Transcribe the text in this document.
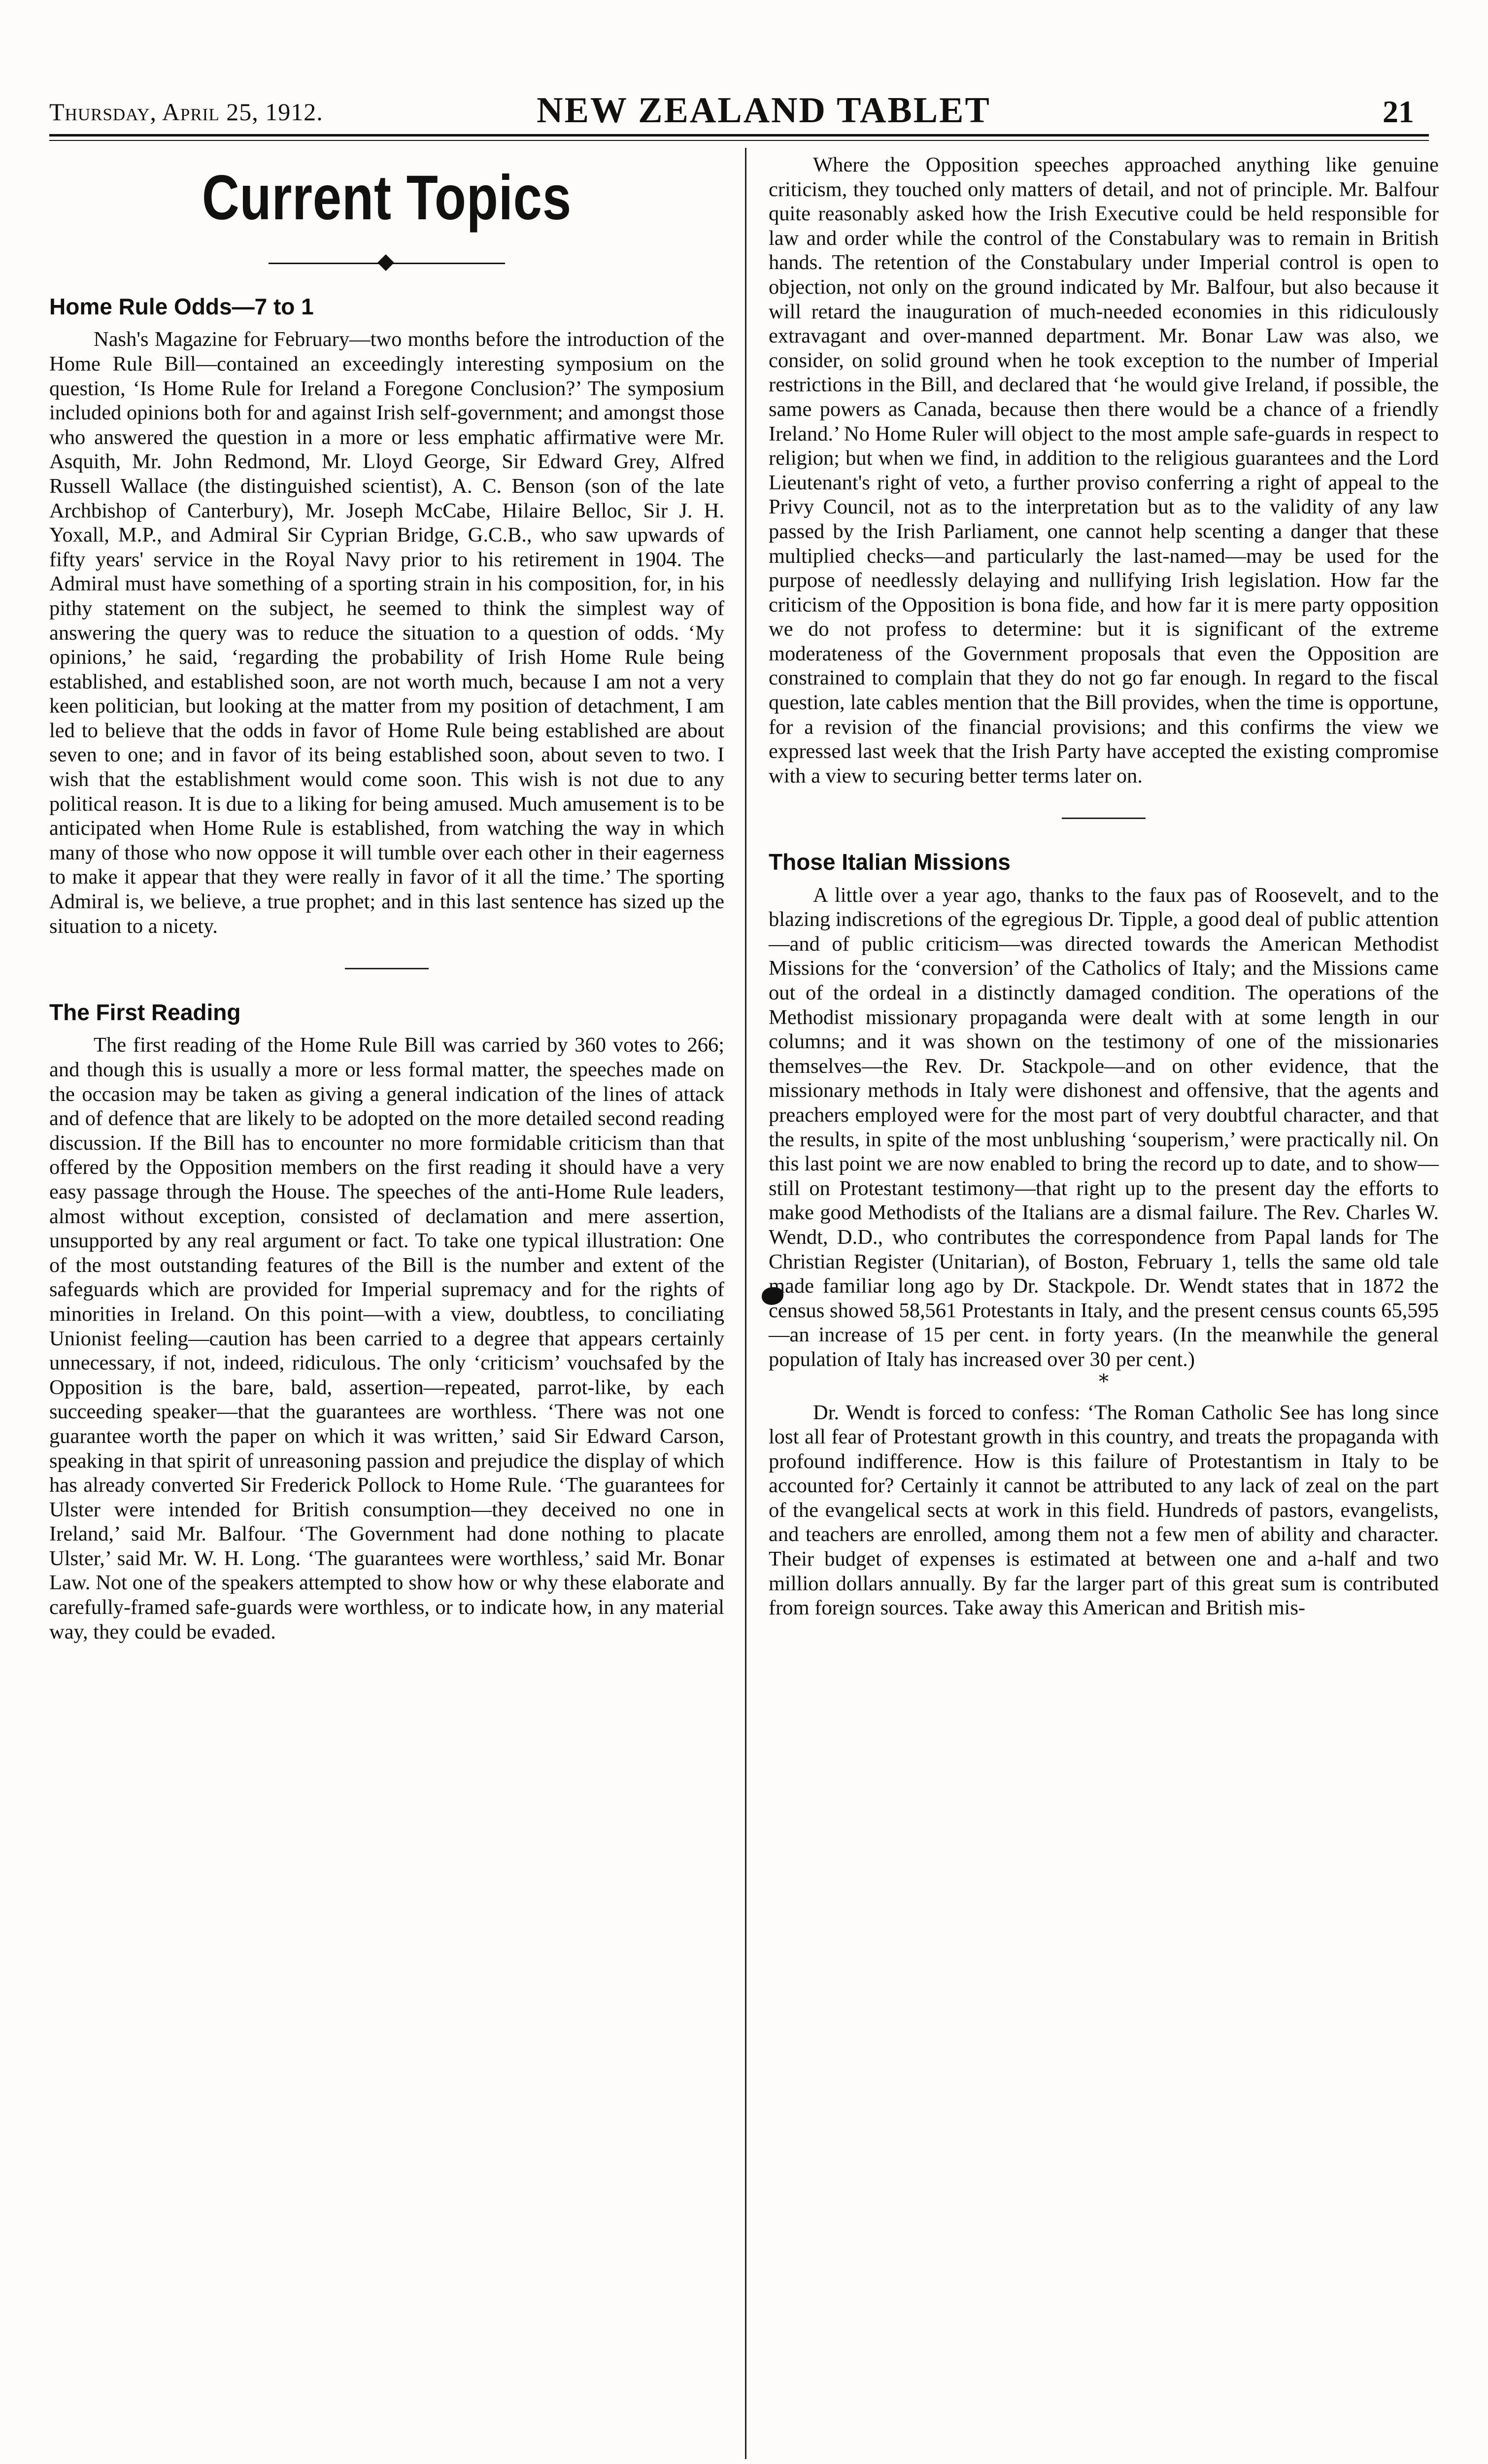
Thursday, April 25, 1912.	NEW ZEALAND TABLET	21
Current Topics
Home Rule Odds—7 to 1

Nash's Magazine for February—two months before the introduction of the Home Rule Bill—contained an exceedingly interesting symposium on the question, ‘Is Home Rule for Ireland a Foregone Conclusion?’ The symposium included opinions both for and against Irish self-government; and amongst those who answered the question in a more or less emphatic affirmative were Mr. Asquith, Mr. John Redmond, Mr. Lloyd George, Sir Edward Grey, Alfred Russell Wallace (the distinguished scientist), A. C. Benson (son of the late Archbishop of Canterbury), Mr. Joseph McCabe, Hilaire Belloc, Sir J. H. Yoxall, M.P., and Admiral Sir Cyprian Bridge, G.C.B., who saw upwards of fifty years' service in the Royal Navy prior to his retirement in 1904. The Admiral must have something of a sporting strain in his composition, for, in his pithy statement on the subject, he seemed to think the simplest way of answering the query was to reduce the situation to a question of odds. ‘My opinions,’ he said, ‘regarding the probability of Irish Home Rule being established, and established soon, are not worth much, because I am not a very keen politician, but looking at the matter from my position of detachment, I am led to believe that the odds in favor of Home Rule being established are about seven to one; and in favor of its being established soon, about seven to two. I wish that the establishment would come soon. This wish is not due to any political reason. It is due to a liking for being amused. Much amusement is to be anticipated when Home Rule is established, from watching the way in which many of those who now oppose it will tumble over each other in their eagerness to make it appear that they were really in favor of it all the time.’ The sporting Admiral is, we believe, a true prophet; and in this last sentence has sized up the situation to a nicety.

The First Reading

The first reading of the Home Rule Bill was carried by 360 votes to 266; and though this is usually a more or less formal matter, the speeches made on the occasion may be taken as giving a general indication of the lines of attack and of defence that are likely to be adopted on the more detailed second reading discussion. If the Bill has to encounter no more formidable criticism than that offered by the Opposition members on the first reading it should have a very easy passage through the House. The speeches of the anti-Home Rule leaders, almost without exception, consisted of declamation and mere assertion, unsupported by any real argument or fact. To take one typical illustration: One of the most outstanding features of the Bill is the number and extent of the safeguards which are provided for Imperial supremacy and for the rights of minorities in Ireland. On this point—with a view, doubtless, to conciliating Unionist feeling—caution has been carried to a degree that appears certainly unnecessary, if not, indeed, ridiculous. The only ‘criticism’ vouchsafed by the Opposition is the bare, bald, assertion—repeated, parrot-like, by each succeeding speaker—that the guarantees are worthless. ‘There was not one guarantee worth the paper on which it was written,’ said Sir Edward Carson, speaking in that spirit of unreasoning passion and prejudice the display of which has already converted Sir Frederick Pollock to Home Rule. ‘The guarantees for Ulster were intended for British consumption—they deceived no one in Ireland,’ said Mr. Balfour. ‘The Government had done nothing to placate Ulster,’ said Mr. W. H. Long. ‘The guarantees were worthless,’ said Mr. Bonar Law. Not one of the speakers attempted to show how or why these elaborate and carefully-framed safe-guards were worthless, or to indicate how, in any material way, they could be evaded.

Where the Opposition speeches approached anything like genuine criticism, they touched only matters of detail, and not of principle. Mr. Balfour quite reasonably asked how the Irish Executive could be held responsible for law and order while the control of the Constabulary was to remain in British hands. The retention of the Constabulary under Imperial control is open to objection, not only on the ground indicated by Mr. Balfour, but also because it will retard the inauguration of much-needed economies in this ridiculously extravagant and over-manned department. Mr. Bonar Law was also, we consider, on solid ground when he took exception to the number of Imperial restrictions in the Bill, and declared that ‘he would give Ireland, if possible, the same powers as Canada, because then there would be a chance of a friendly Ireland.’ No Home Ruler will object to the most ample safe-guards in respect to religion; but when we find, in addition to the religious guarantees and the Lord Lieutenant's right of veto, a further proviso conferring a right of appeal to the Privy Council, not as to the interpretation but as to the validity of any law passed by the Irish Parliament, one cannot help scenting a danger that these multiplied checks—and particularly the last-named—may be used for the purpose of needlessly delaying and nullifying Irish legislation. How far the criticism of the Opposition is bona fide, and how far it is mere party opposition we do not profess to determine: but it is significant of the extreme moderateness of the Government proposals that even the Opposition are constrained to complain that they do not go far enough. In regard to the fiscal question, late cables mention that the Bill provides, when the time is opportune, for a revision of the financial provisions; and this confirms the view we expressed last week that the Irish Party have accepted the existing compromise with a view to securing better terms later on.

Those Italian Missions

A little over a year ago, thanks to the faux pas of Roosevelt, and to the blazing indiscretions of the egregious Dr. Tipple, a good deal of public attention—and of public criticism—was directed towards the American Methodist Missions for the ‘conversion’ of the Catholics of Italy; and the Missions came out of the ordeal in a distinctly damaged condition. The operations of the Methodist missionary propaganda were dealt with at some length in our columns; and it was shown on the testimony of one of the missionaries themselves—the Rev. Dr. Stackpole—and on other evidence, that the missionary methods in Italy were dishonest and offensive, that the agents and preachers employed were for the most part of very doubtful character, and that the results, in spite of the most unblushing ‘souperism,’ were practically nil. On this last point we are now enabled to bring the record up to date, and to show—still on Protestant testimony—that right up to the present day the efforts to make good Methodists of the Italians are a dismal failure. The Rev. Charles W. Wendt, D.D., who contributes the correspondence from Papal lands for The Christian Register (Unitarian), of Boston, February 1, tells the same old tale made familiar long ago by Dr. Stackpole. Dr. Wendt states that in 1872 the census showed 58,561 Protestants in Italy, and the present census counts 65,595—an increase of 15 per cent. in forty years. (In the meanwhile the general population of Italy has increased over 30 per cent.)

*

Dr. Wendt is forced to confess: ‘The Roman Catholic See has long since lost all fear of Protestant growth in this country, and treats the propaganda with profound indifference. How is this failure of Protestantism in Italy to be accounted for? Certainly it cannot be attributed to any lack of zeal on the part of the evangelical sects at work in this field. Hundreds of pastors, evangelists, and teachers are enrolled, among them not a few men of ability and character. Their budget of expenses is estimated at between one and a-half and two million dollars annually. By far the larger part of this great sum is contributed from foreign sources. Take away this American and British mis-
